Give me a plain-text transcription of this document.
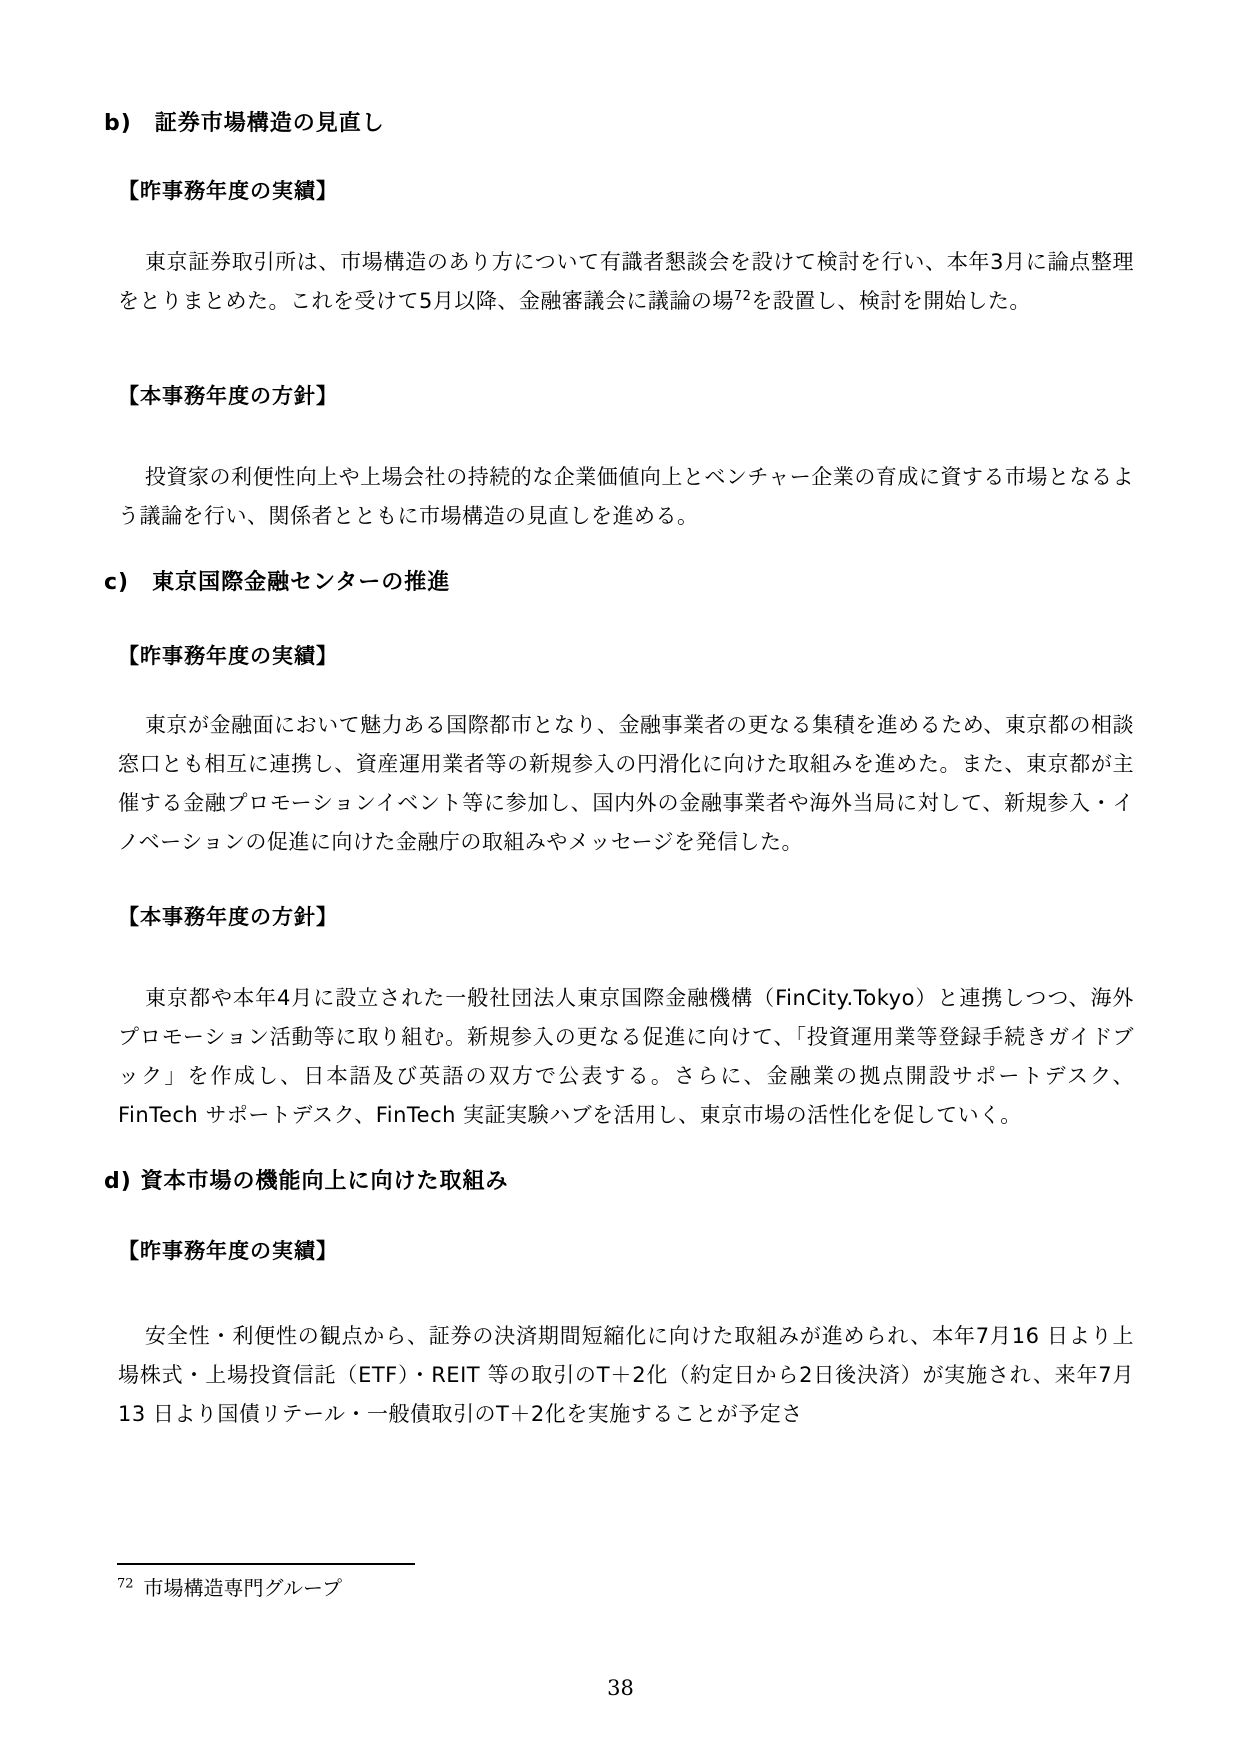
b)　証券市場構造の見直し
【昨事務年度の実績】

東京証券取引所は、市場構造のあり方について有識者懇談会を設けて検討を行い、本年3月に論点整理をとりまとめた。これを受けて5月以降、金融審議会に議論の場$^{72}$を設置し、検討を開始した。

【本事務年度の方針】

投資家の利便性向上や上場会社の持続的な企業価値向上とベンチャー企業の育成に資する市場となるよう議論を行い、関係者とともに市場構造の見直しを進める。

c)　東京国際金融センターの推進
【昨事務年度の実績】

東京が金融面において魅力ある国際都市となり、金融事業者の更なる集積を進めるため、東京都の相談窓口とも相互に連携し、資産運用業者等の新規参入の円滑化に向けた取組みを進めた。また、東京都が主催する金融プロモーションイベント等に参加し、国内外の金融事業者や海外当局に対して、新規参入・イノベーションの促進に向けた金融庁の取組みやメッセージを発信した。

【本事務年度の方針】

東京都や本年4月に設立された一般社団法人東京国際金融機構（FinCity.Tokyo）と連携しつつ、海外プロモーション活動等に取り組む。新規参入の更なる促進に向けて、「投資運用業等登録手続きガイドブック」を作成し、日本語及び英語の双方で公表する。さらに、金融業の拠点開設サポートデスク、FinTech サポートデスク、FinTech 実証実験ハブを活用し、東京市場の活性化を促していく。

d) 資本市場の機能向上に向けた取組み
【昨事務年度の実績】

安全性・利便性の観点から、証券の決済期間短縮化に向けた取組みが進められ、本年7月16 日より上場株式・上場投資信託（ETF）・REIT 等の取引のT＋2化（約定日から2日後決済）が実施され、来年7月 13 日より国債リテール・一般債取引のT＋2化を実施することが予定さ

$^{72}$ 市場構造専門グループ
38
